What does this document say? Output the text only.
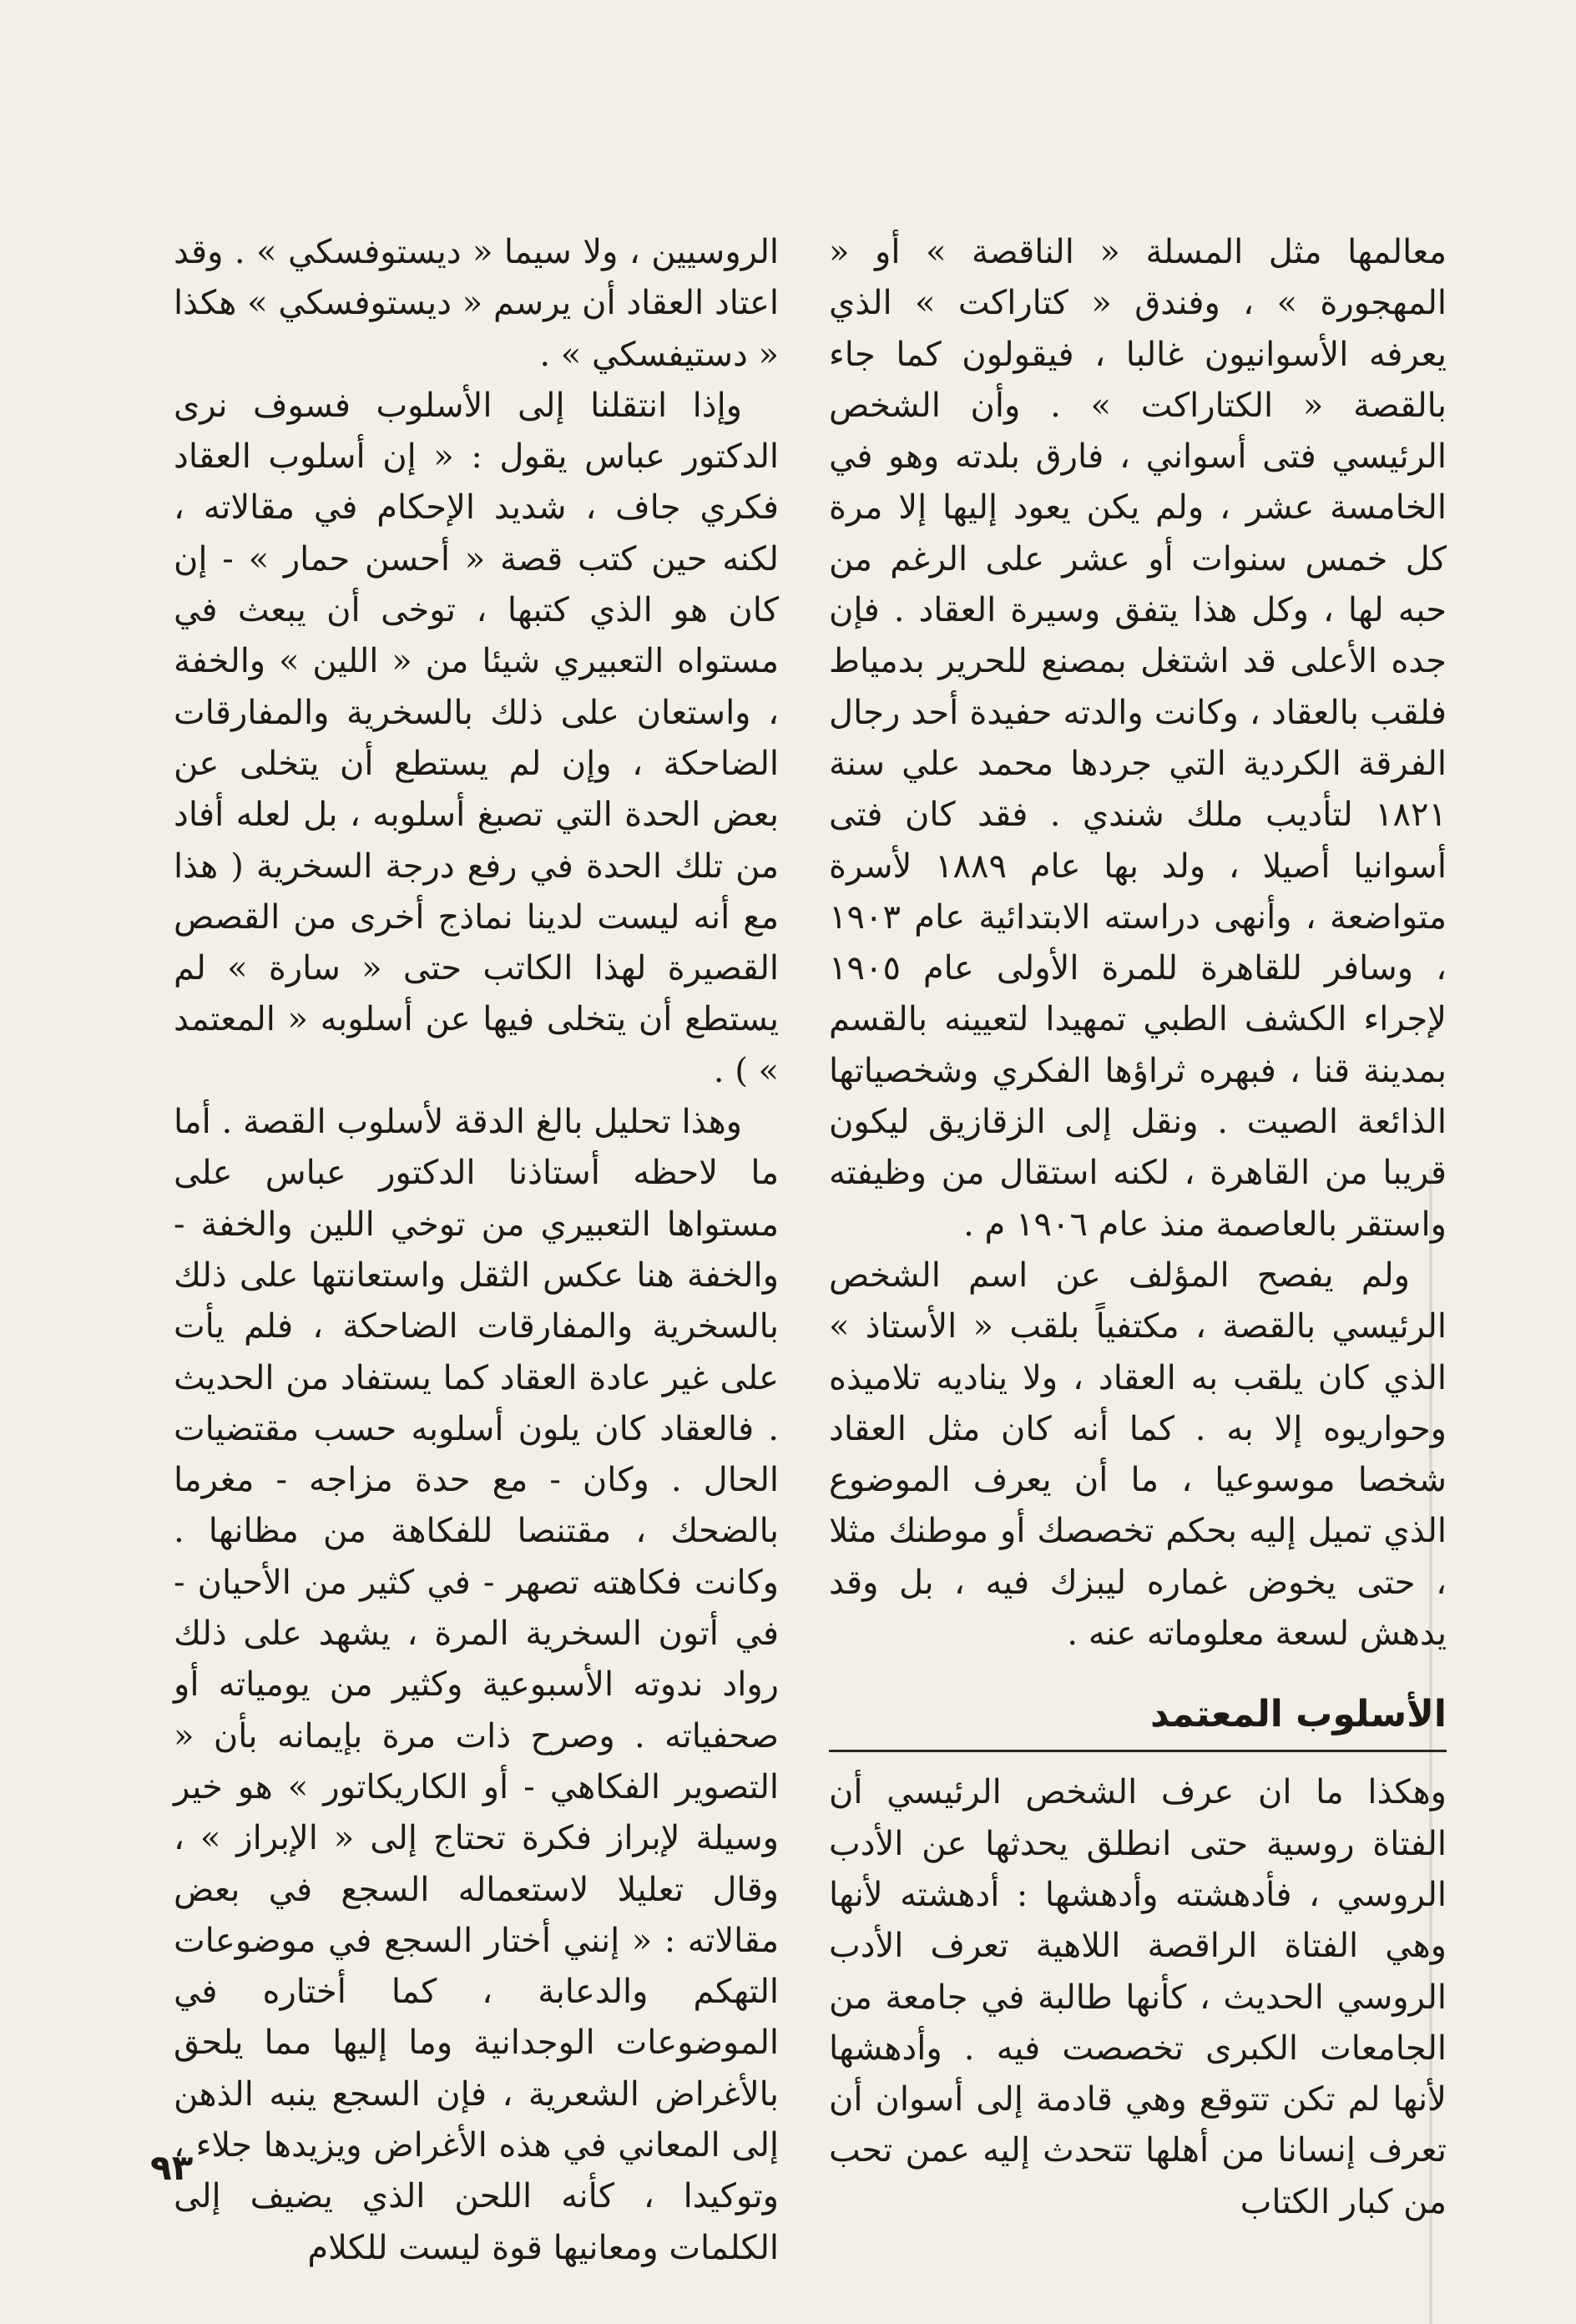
معالمها مثل المسلة « الناقصة » أو « المهجورة » ، وفندق « كتاراكت » الذي يعرفه الأسوانيون غالبا ، فيقولون كما جاء بالقصة « الكتاراكت » . وأن الشخص الرئيسي فتى أسواني ، فارق بلدته وهو في الخامسة عشر ، ولم يكن يعود إليها إلا مرة كل خمس سنوات أو عشر على الرغم من حبه لها ، وكل هذا يتفق وسيرة العقاد . فإن جده الأعلى قد اشتغل بمصنع للحرير بدمياط فلقب بالعقاد ، وكانت والدته حفيدة أحد رجال الفرقة الكردية التي جردها محمد علي سنة ١٨٢١ لتأديب ملك شندي . فقد كان فتى أسوانيا أصيلا ، ولد بها عام ١٨٨٩ لأسرة متواضعة ، وأنهى دراسته الابتدائية عام ١٩٠٣ ، وسافر للقاهرة للمرة الأولى عام ١٩٠٥ لإجراء الكشف الطبي تمهيدا لتعيينه بالقسم بمدينة قنا ، فبهره ثراؤها الفكري وشخصياتها الذائعة الصيت . ونقل إلى الزقازيق ليكون قريبا من القاهرة ، لكنه استقال من وظيفته واستقر بالعاصمة منذ عام ١٩٠٦ م .

ولم يفصح المؤلف عن اسم الشخص الرئيسي بالقصة ، مكتفياً بلقب « الأستاذ » الذي كان يلقب به العقاد ، ولا يناديه تلاميذه وحواريوه إلا به . كما أنه كان مثل العقاد شخصا موسوعيا ، ما أن يعرف الموضوع الذي تميل إليه بحكم تخصصك أو موطنك مثلا ، حتى يخوض غماره ليبزك فيه ، بل وقد يدهش لسعة معلوماته عنه .

الأسلوب المعتمد

وهكذا ما ان عرف الشخص الرئيسي أن الفتاة روسية حتى انطلق يحدثها عن الأدب الروسي ، فأدهشته وأدهشها : أدهشته لأنها وهي الفتاة الراقصة اللاهية تعرف الأدب الروسي الحديث ، كأنها طالبة في جامعة من الجامعات الكبرى تخصصت فيه . وأدهشها لأنها لم تكن تتوقع وهي قادمة إلى أسوان أن تعرف إنسانا من أهلها تتحدث إليه عمن تحب من كبار الكتاب

الروسيين ، ولا سيما « ديستوفسكي » . وقد اعتاد العقاد أن يرسم « ديستوفسكي » هكذا « دستيفسكي » .

وإذا انتقلنا إلى الأسلوب فسوف نرى الدكتور عباس يقول : « إن أسلوب العقاد فكري جاف ، شديد الإحكام في مقالاته ، لكنه حين كتب قصة « أحسن حمار » - إن كان هو الذي كتبها ، توخى أن يبعث في مستواه التعبيري شيئا من « اللين » والخفة ، واستعان على ذلك بالسخرية والمفارقات الضاحكة ، وإن لم يستطع أن يتخلى عن بعض الحدة التي تصبغ أسلوبه ، بل لعله أفاد من تلك الحدة في رفع درجة السخرية ( هذا مع أنه ليست لدينا نماذج أخرى من القصص القصيرة لهذا الكاتب حتى « سارة » لم يستطع أن يتخلى فيها عن أسلوبه « المعتمد » ) .

وهذا تحليل بالغ الدقة لأسلوب القصة . أما ما لاحظه أستاذنا الدكتور عباس على مستواها التعبيري من توخي اللين والخفة - والخفة هنا عكس الثقل واستعانتها على ذلك بالسخرية والمفارقات الضاحكة ، فلم يأت على غير عادة العقاد كما يستفاد من الحديث . فالعقاد كان يلون أسلوبه حسب مقتضيات الحال . وكان - مع حدة مزاجه - مغرما بالضحك ، مقتنصا للفكاهة من مظانها . وكانت فكاهته تصهر - في كثير من الأحيان - في أتون السخرية المرة ، يشهد على ذلك رواد ندوته الأسبوعية وكثير من يومياته أو صحفياته . وصرح ذات مرة بإيمانه بأن « التصوير الفكاهي - أو الكاريكاتور » هو خير وسيلة لإبراز فكرة تحتاج إلى « الإبراز » ، وقال تعليلا لاستعماله السجع في بعض مقالاته : « إنني أختار السجع في موضوعات التهكم والدعابة ، كما أختاره في الموضوعات الوجدانية وما إليها مما يلحق بالأغراض الشعرية ، فإن السجع ينبه الذهن إلى المعاني في هذه الأغراض ويزيدها جلاء ، وتوكيدا ، كأنه اللحن الذي يضيف إلى الكلمات ومعانيها قوة ليست للكلام

٩٣
